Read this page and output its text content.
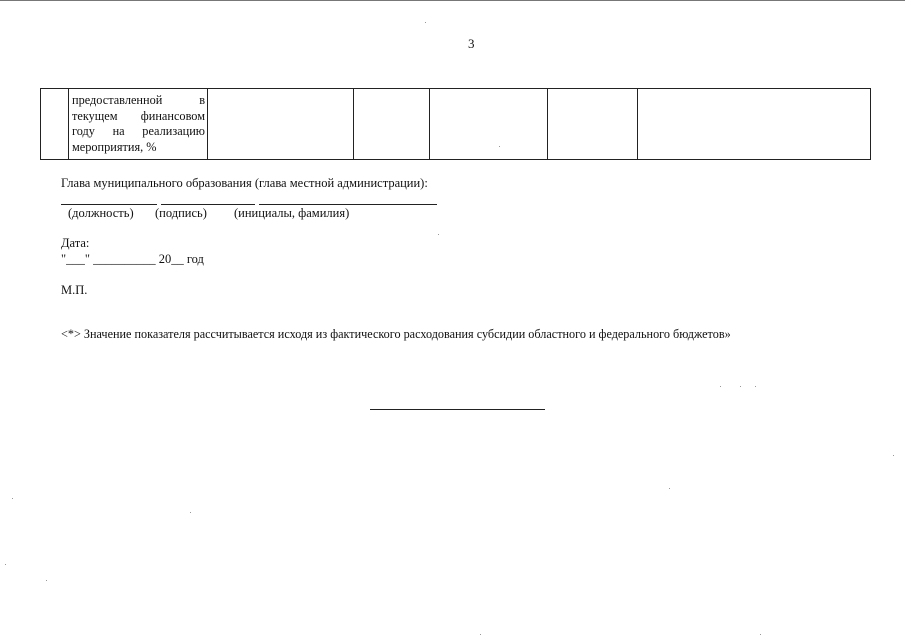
3

предоставленной в текущем финансовом году на реализацию мероприятия, %

Глава муниципального образования (глава местной администрации):
(должность) (подпись) (инициалы, фамилия)
Дата:
"___" __________ 20__ год
М.П.
<*> Значение показателя рассчитывается исходя из фактического расходования субсидии областного и федерального бюджетов»
